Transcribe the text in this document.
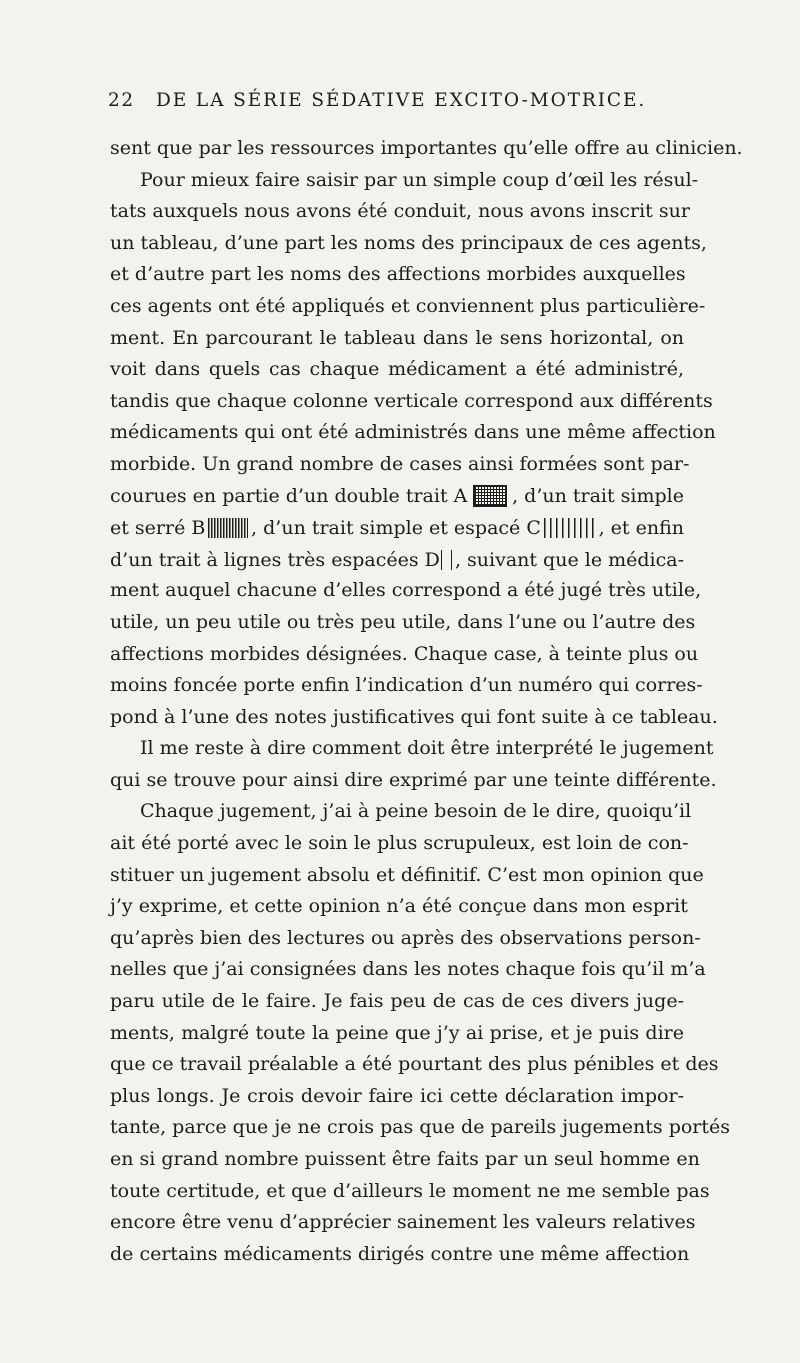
22 DE LA SÉRIE SÉDATIVE EXCITO-MOTRICE.
sent que par les ressources importantes qu’elle offre au clinicien.
Pour mieux faire saisir par un simple coup d’œil les résul-
tats auxquels nous avons été conduit, nous avons inscrit sur
un tableau, d’une part les noms des principaux de ces agents,
et d’autre part les noms des affections morbides auxquelles
ces agents ont été appliqués et conviennent plus particulière-
ment. En parcourant le tableau dans le sens horizontal, on
voit dans quels cas chaque médicament a été administré,
tandis que chaque colonne verticale correspond aux différents
médicaments qui ont été administrés dans une même affection
morbide. Un grand nombre de cases ainsi formées sont par-
courues en partie d’un double trait A , d’un trait simple
et serré B , d’un trait simple et espacé C	, et enfin
d’un trait à lignes très espacées D , suivant que le médica-
ment auquel chacune d’elles correspond a été jugé très utile,
utile, un peu utile ou très peu utile, dans l’une ou l’autre des
affections morbides désignées. Chaque case, à teinte plus ou
moins foncée porte enfin l’indication d’un numéro qui corres-
pond à l’une des notes justificatives qui font suite à ce tableau.
Il me reste à dire comment doit être interprété le jugement
qui se trouve pour ainsi dire exprimé par une teinte différente.
Chaque jugement, j’ai à peine besoin de le dire, quoiqu’il
ait été porté avec le soin le plus scrupuleux, est loin de con-
stituer un jugement absolu et définitif. C’est mon opinion que
j’y exprime, et cette opinion n’a été conçue dans mon esprit
qu’après bien des lectures ou après des observations person-
nelles que j’ai consignées dans les notes chaque fois qu’il m’a
paru utile de le faire. Je fais peu de cas de ces divers juge-
ments, malgré toute la peine que j’y ai prise, et je puis dire
que ce travail préalable a été pourtant des plus pénibles et des
plus longs. Je crois devoir faire ici cette déclaration impor-
tante, parce que je ne crois pas que de pareils jugements portés
en si grand nombre puissent être faits par un seul homme en
toute certitude, et que d’ailleurs le moment ne me semble pas
encore être venu d’apprécier sainement les valeurs relatives
de certains médicaments dirigés contre une même affection
